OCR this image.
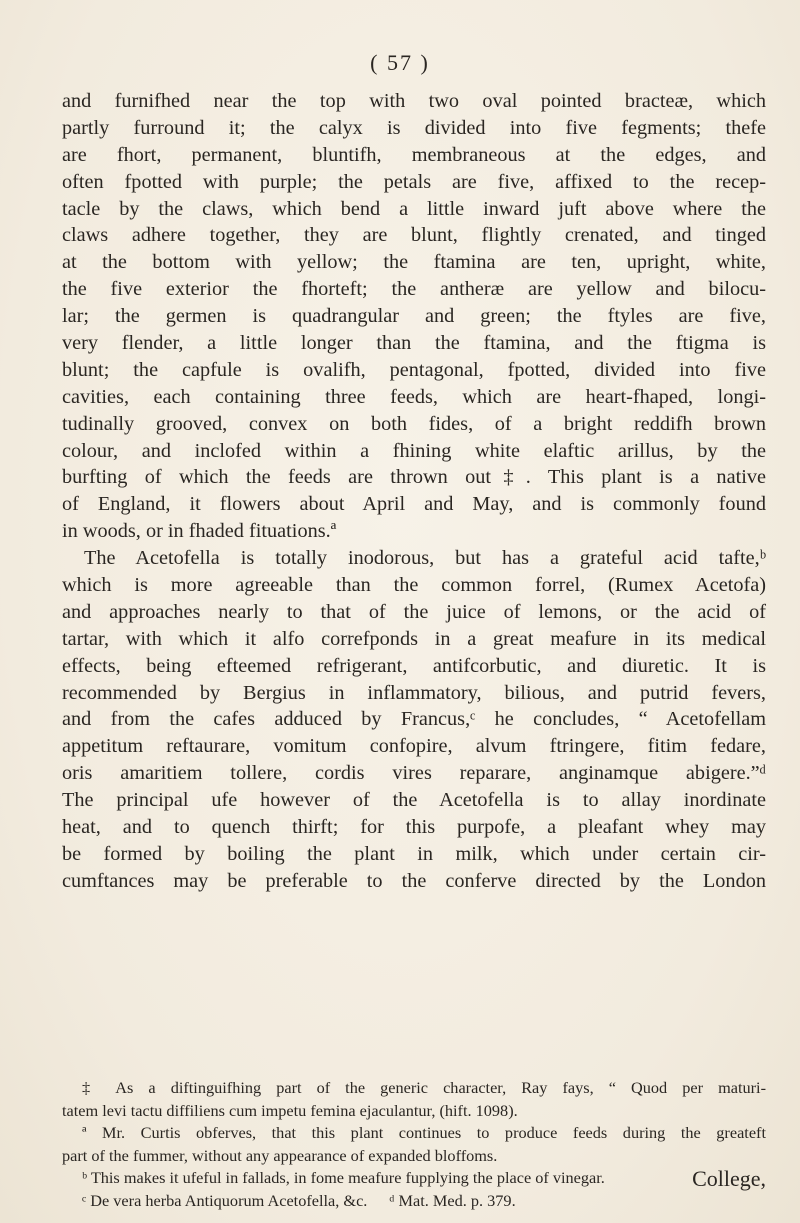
( 57 )
and furnifhed near the top with two oval pointed bracteæ, which
partly furround it; the calyx is divided into five fegments; thefe
are fhort, permanent, bluntifh, membraneous at the edges, and
often fpotted with purple; the petals are five, affixed to the recep-
tacle by the claws, which bend a little inward juft above where the
claws adhere together, they are blunt, flightly crenated, and tinged
at the bottom with yellow; the ftamina are ten, upright, white,
the five exterior the fhorteft; the antheræ are yellow and bilocu-
lar; the germen is quadrangular and green; the ftyles are five,
very flender, a little longer than the ftamina, and the ftigma is
blunt; the capfule is ovalifh, pentagonal, fpotted, divided into five
cavities, each containing three feeds, which are heart-fhaped, longi-
tudinally grooved, convex on both fides, of a bright reddifh brown
colour, and inclofed within a fhining white elaftic arillus, by the
burfting of which the feeds are thrown out‡. This plant is a native
of England, it flowers about April and May, and is commonly found
in woods, or in fhaded fituations.ª
The Acetofella is totally inodorous, but has a grateful acid tafte,ᵇ
which is more agreeable than the common forrel, (Rumex Acetofa)
and approaches nearly to that of the juice of lemons, or the acid of
tartar, with which it alfo correfponds in a great meafure in its medical
effects, being efteemed refrigerant, antifcorbutic, and diuretic. It is
recommended by Bergius in inflammatory, bilious, and putrid fevers,
and from the cafes adduced by Francus,ᶜ he concludes, “ Acetofellam
appetitum reftaurare, vomitum confopire, alvum ftringere, fitim fedare,
oris amaritiem tollere, cordis vires reparare, anginamque abigere.”ᵈ
The principal ufe however of the Acetofella is to allay inordinate
heat, and to quench thirft; for this purpofe, a pleafant whey may
be formed by boiling the plant in milk, which under certain cir-
cumftances may be preferable to the conferve directed by the London
‡ As a diftinguifhing part of the generic character, Ray fays, “ Quod per maturi-
tatem levi tactu diffiliens cum impetu femina ejaculantur, (hift. 1098).
ª Mr. Curtis obferves, that this plant continues to produce feeds during the greateft
part of the fummer, without any appearance of expanded bloffoms.
ᵇ This makes it ufeful in fallads, in fome meafure fupplying the place of vinegar.
ᶜ De vera herba Antiquorum Acetofella, &c. ᵈ Mat. Med. p. 379.
College,
